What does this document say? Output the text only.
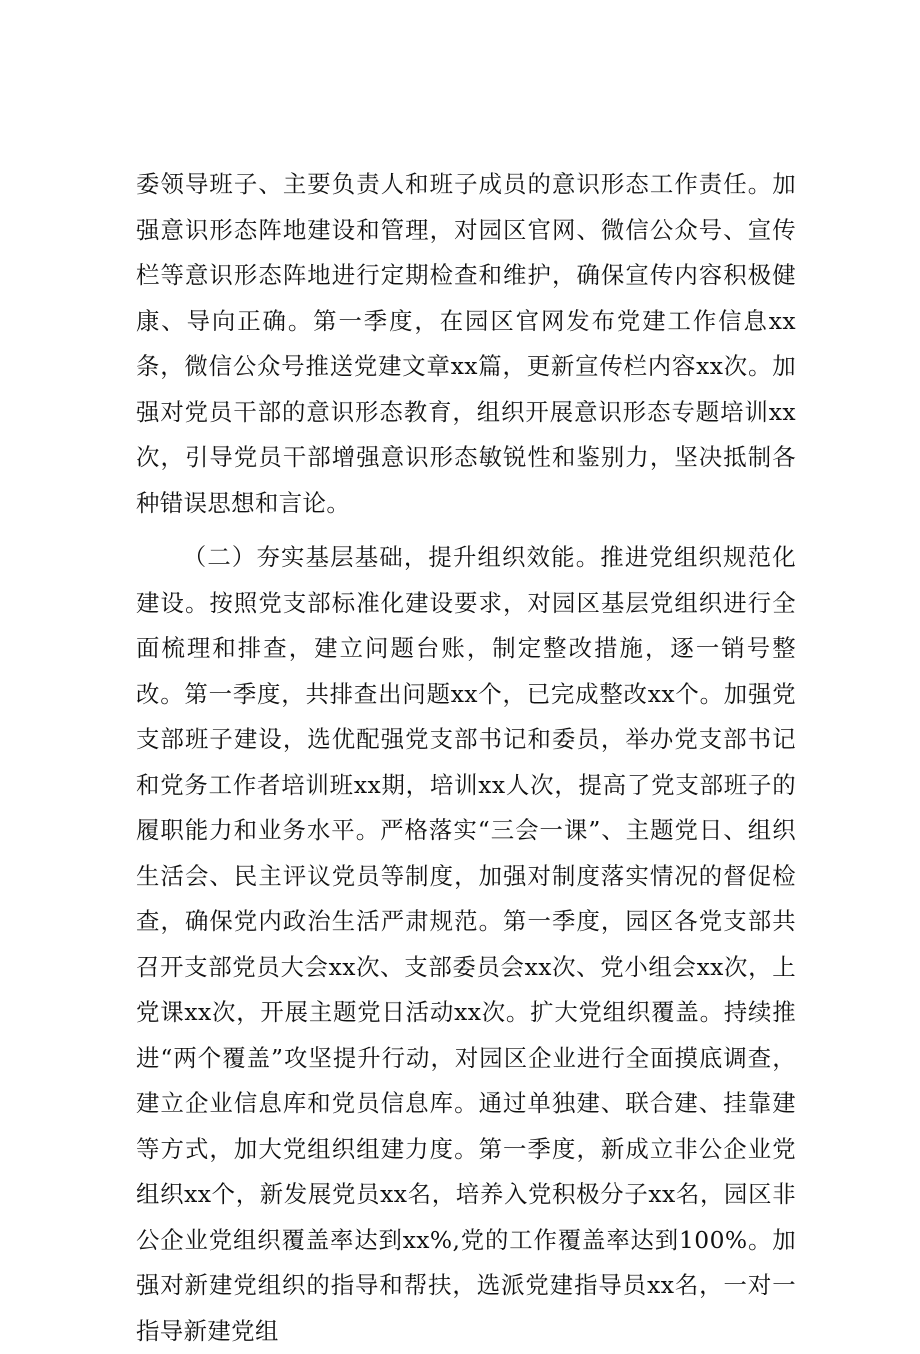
委领导班子、主要负责人和班子成员的意识形态工作责任。加强意识形态阵地建设和管理，对园区官网、微信公众号、宣传栏等意识形态阵地进行定期检查和维护，确保宣传内容积极健康、导向正确。第一季度，在园区官网发布党建工作信息xx条，微信公众号推送党建文章xx篇，更新宣传栏内容xx次。加强对党员干部的意识形态教育，组织开展意识形态专题培训xx次，引导党员干部增强意识形态敏锐性和鉴别力，坚决抵制各种错误思想和言论。

（二）夯实基层基础，提升组织效能。推进党组织规范化建设。按照党支部标准化建设要求，对园区基层党组织进行全面梳理和排查，建立问题台账，制定整改措施，逐一销号整改。第一季度，共排查出问题xx个，已完成整改xx个。加强党支部班子建设，选优配强党支部书记和委员，举办党支部书记和党务工作者培训班xx期，培训xx人次，提高了党支部班子的履职能力和业务水平。严格落实“三会一课”、主题党日、组织生活会、民主评议党员等制度，加强对制度落实情况的督促检查，确保党内政治生活严肃规范。第一季度，园区各党支部共召开支部党员大会xx次、支部委员会xx次、党小组会xx次，上党课xx次，开展主题党日活动xx次。扩大党组织覆盖。持续推进“两个覆盖”攻坚提升行动，对园区企业进行全面摸底调查，建立企业信息库和党员信息库。通过单独建、联合建、挂靠建等方式，加大党组织组建力度。第一季度，新成立非公企业党组织xx个，新发展党员xx名，培养入党积极分子xx名，园区非公企业党组织覆盖率达到xx%,党的工作覆盖率达到100%。加强对新建党组织的指导和帮扶，选派党建指导员xx名，一对一指导新建党组
